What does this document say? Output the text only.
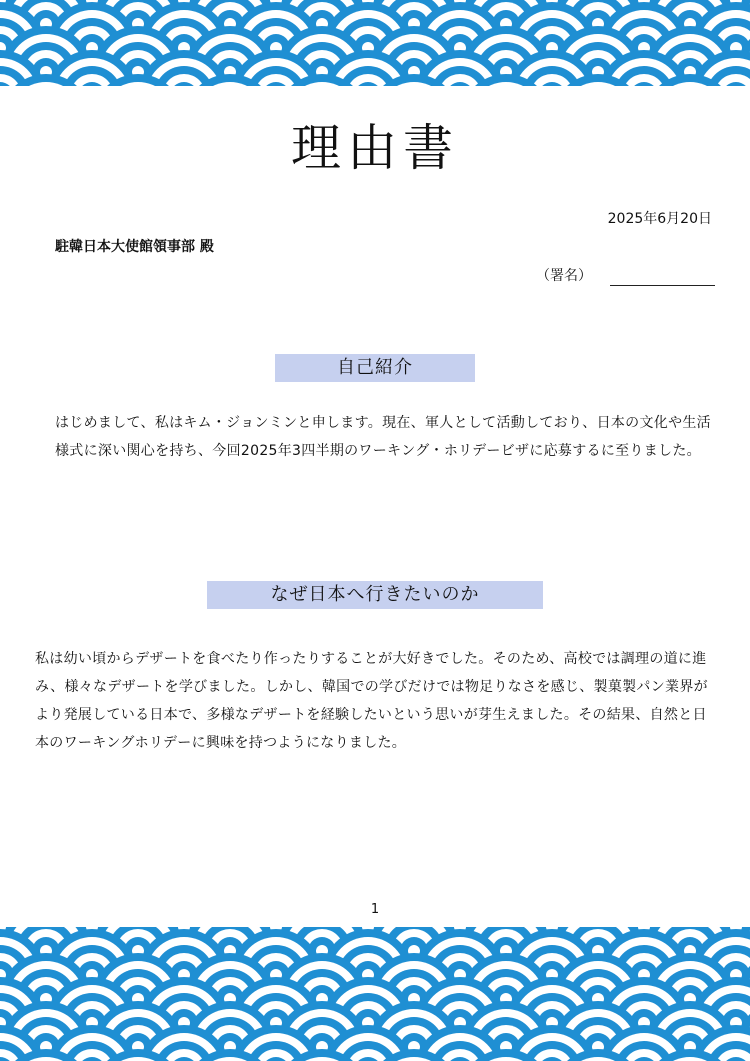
理由書
2025年6月20日
駐韓日本大使館領事部 殿
（署名）
自己紹介

はじめまして、私はキム・ジョンミンと申します。現在、軍人として活動しており、日本の文化や生活様式に深い関心を持ち、今回2025年3四半期のワーキング・ホリデービザに応募するに至りました。

なぜ日本へ行きたいのか

私は幼い頃からデザートを食べたり作ったりすることが大好きでした。そのため、高校では調理の道に進み、様々なデザートを学びました。しかし、韓国での学びだけでは物足りなさを感じ、製菓製パン業界がより発展している日本で、多様なデザートを経験したいという思いが芽生えました。その結果、自然と日本のワーキングホリデーに興味を持つようになりました。

1
